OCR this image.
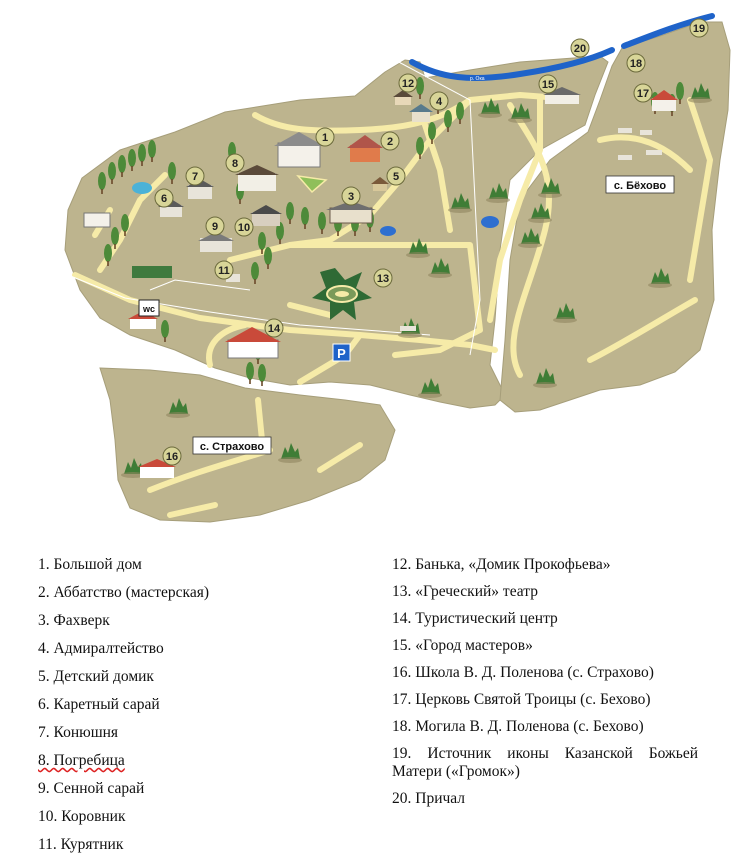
р. Ока
с. Бёхово
с. Страхово
wc
P
1	2
3
4
5
6
7
8
9 10
11
12
13
14
15
16
17
18
19
20
1. Большой дом
2. Аббатство (мастерская)
3. Фахверк
4. Адмиралтейство
5. Детский домик
6. Каретный сарай
7. Конюшня
8. Погребица
9. Сенной сарай
10. Коровник
11. Курятник
12. Банька, «Домик Прокофьева»
13. «Греческий» театр
14. Туристический центр
15. «Город мастеров»
16. Школа В. Д. Поленова (с. Страхово)
17. Церковь Святой Троицы (с. Бехово)
18. Могила В. Д. Поленова (с. Бехово)
19. Источник иконы Казанской Божьей Матери («Громок»)
20. Причал
